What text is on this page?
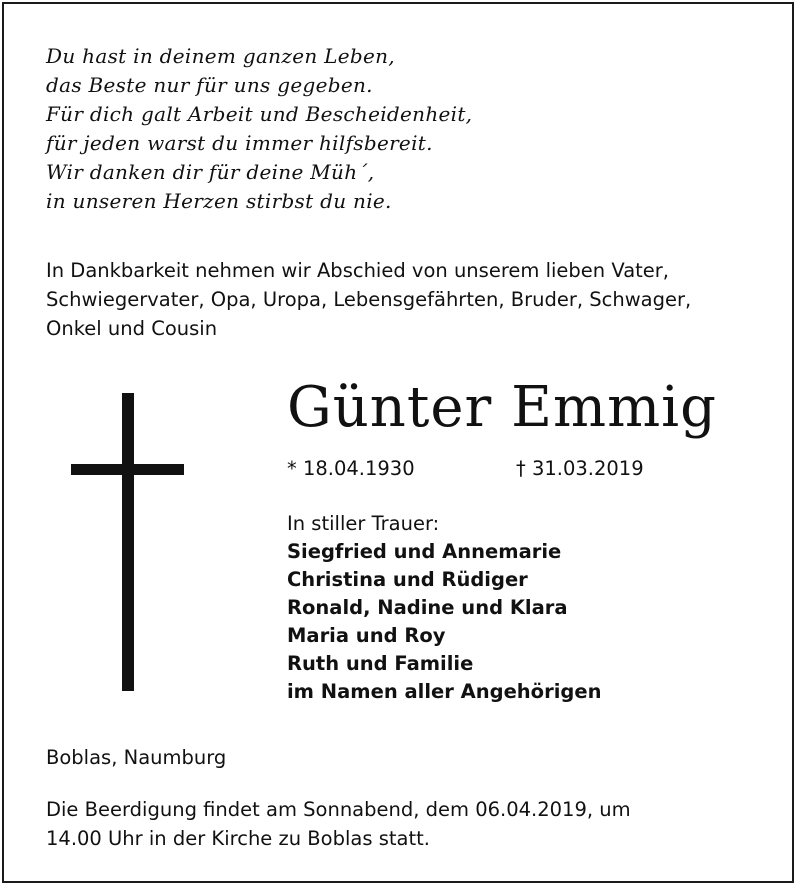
Du hast in deinem ganzen Leben,
das Beste nur für uns gegeben.
Für dich galt Arbeit und Bescheidenheit,
für jeden warst du immer hilfsbereit.
Wir danken dir für deine Müh´,
in unseren Herzen stirbst du nie.
In Dankbarkeit nehmen wir Abschied von unserem lieben Vater,
Schwiegervater, Opa, Uropa, Lebensgefährten, Bruder, Schwager,
Onkel und Cousin
Günter Emmig
* 18.04.1930	† 31.03.2019
In stiller Trauer:
Siegfried und Annemarie
Christina und Rüdiger
Ronald, Nadine und Klara
Maria und Roy
Ruth und Familie
im Namen aller Angehörigen
Boblas, Naumburg
Die Beerdigung findet am Sonnabend, dem 06.04.2019, um
14.00 Uhr in der Kirche zu Boblas statt.
